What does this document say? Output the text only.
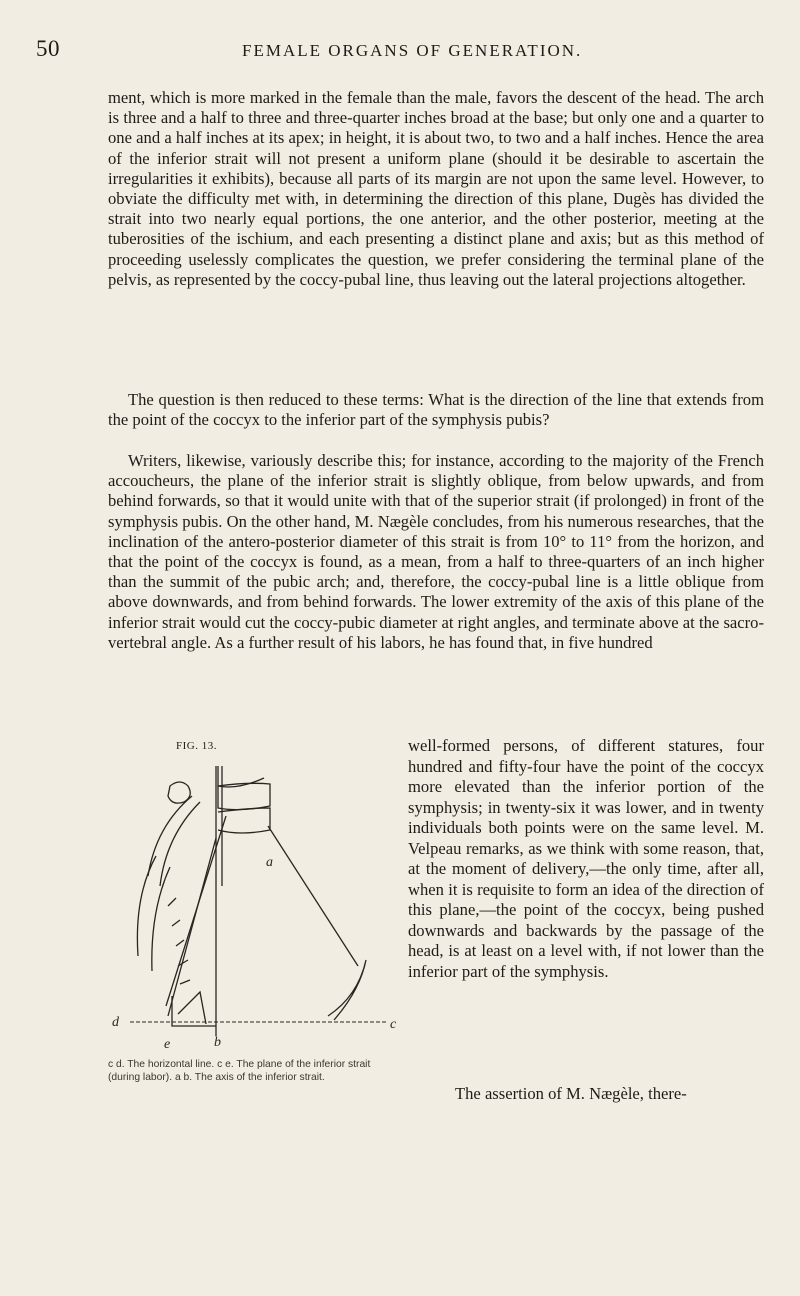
50	FEMALE ORGANS OF GENERATION.

ment, which is more marked in the female than the male, favors the descent of the head. The arch is three and a half to three and three-quarter inches broad at the base; but only one and a quarter to one and a half inches at its apex; in height, it is about two, to two and a half inches. Hence the area of the inferior strait will not present a uniform plane (should it be desirable to ascertain the irregularities it exhibits), because all parts of its margin are not upon the same level. However, to obviate the difficulty met with, in determining the direction of this plane, Dugès has divided the strait into two nearly equal portions, the one anterior, and the other posterior, meeting at the tuberosities of the ischium, and each presenting a distinct plane and axis; but as this method of proceeding uselessly complicates the question, we prefer considering the terminal plane of the pelvis, as represented by the coccy-pubal line, thus leaving out the lateral projections altogether.

The question is then reduced to these terms: What is the direction of the line that extends from the point of the coccyx to the inferior part of the symphysis pubis?

Writers, likewise, variously describe this; for instance, according to the majority of the French accoucheurs, the plane of the inferior strait is slightly oblique, from below upwards, and from behind forwards, so that it would unite with that of the superior strait (if prolonged) in front of the symphysis pubis. On the other hand, M. Nægèle concludes, from his numerous researches, that the inclination of the antero-posterior diameter of this strait is from 10° to 11° from the horizon, and that the point of the coccyx is found, as a mean, from a half to three-quarters of an inch higher than the summit of the pubic arch; and, therefore, the coccy-pubal line is a little oblique from above downwards, and from behind forwards. The lower extremity of the axis of this plane of the inferior strait would cut the coccy-pubic diameter at right angles, and terminate above at the sacro-vertebral angle. As a further result of his labors, he has found that, in five hundred

FIG. 13.
d	c
a
e	b
c d. The horizontal line. c e. The plane of the inferior strait (during labor). a b. The axis of the inferior strait.

well-formed persons, of different statures, four hundred and fifty-four have the point of the coccyx more elevated than the inferior portion of the symphysis; in twenty-six it was lower, and in twenty individuals both points were on the same level. M. Velpeau remarks, as we think with some reason, that, at the moment of delivery,—the only time, after all, when it is requisite to form an idea of the direction of this plane,—the point of the coccyx, being pushed downwards and backwards by the passage of the head, is at least on a level with, if not lower than the inferior part of the symphysis.

The assertion of M. Nægèle, there-
